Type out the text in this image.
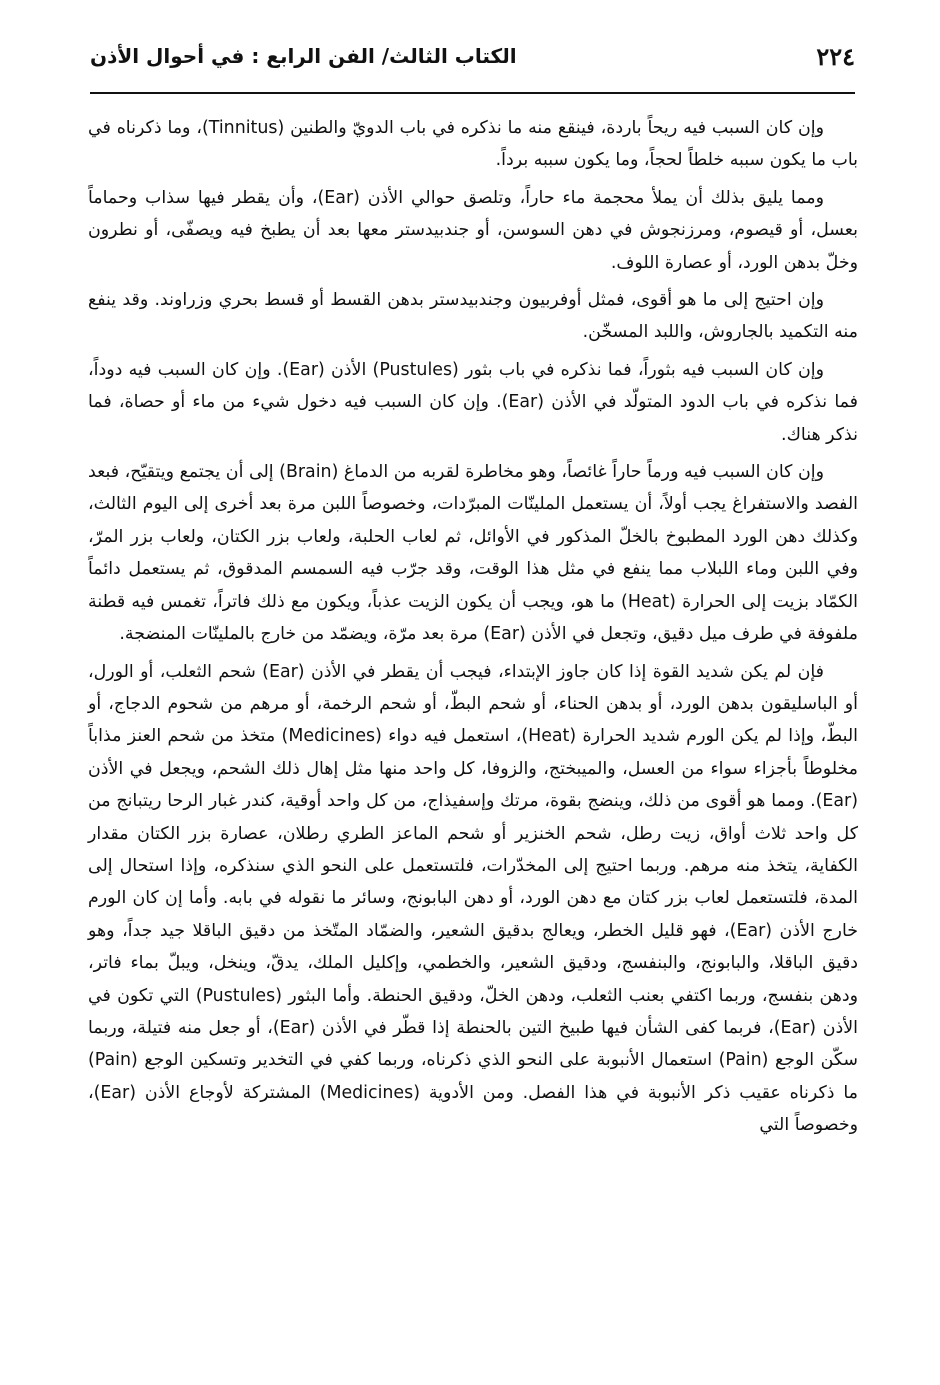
٢٢٤
الكتاب الثالث/ الفن الرابع : في أحوال الأذن

وإن كان السبب فيه ريحاً باردة، فينقع منه ما نذكره في باب الدويّ والطنين (Tinnitus)، وما ذكرناه في باب ما يكون سببه خلطاً لحجاً، وما يكون سببه برداً.

ومما يليق بذلك أن يملأ محجمة ماء حاراً، وتلصق حوالي الأذن (Ear)، وأن يقطر فيها سذاب وحماماً بعسل، أو قيصوم، ومرزنجوش في دهن السوسن، أو جندبيدستر معها بعد أن يطبخ فيه ويصفّى، أو نطرون وخلّ بدهن الورد، أو عصارة اللوف.

وإن احتيج إلى ما هو أقوى، فمثل أوفربيون وجندبيدستر بدهن القسط أو قسط بحري وزراوند. وقد ينفع منه التكميد بالجاروش، واللبد المسخّن.

وإن كان السبب فيه بثوراً، فما نذكره في باب بثور (Pustules) الأذن (Ear). وإن كان السبب فيه دوداً، فما نذكره في باب الدود المتولّد في الأذن (Ear). وإن كان السبب فيه دخول شيء من ماء أو حصاة، فما نذكر هناك.

وإن كان السبب فيه ورماً حاراً غائصاً، وهو مخاطرة لقربه من الدماغ (Brain) إلى أن يجتمع ويتقيّح، فبعد الفصد والاستفراغ يجب أولاً، أن يستعمل الملينّات المبرّدات، وخصوصاً اللبن مرة بعد أخرى إلى اليوم الثالث، وكذلك دهن الورد المطبوخ بالخلّ المذكور في الأوائل، ثم لعاب الحلبة، ولعاب بزر الكتان، ولعاب بزر المرّ، وفي اللبن وماء اللبلاب مما ينفع في مثل هذا الوقت، وقد جرّب فيه السمسم المدقوق، ثم يستعمل دائماً الكمّاد بزيت إلى الحرارة (Heat) ما هو، ويجب أن يكون الزيت عذباً، ويكون مع ذلك فاتراً، تغمس فيه قطنة ملفوفة في طرف ميل دقيق، وتجعل في الأذن (Ear) مرة بعد مرّة، ويضمّد من خارج بالملينّات المنضجة.

فإن لم يكن شديد القوة إذا كان جاوز الإبتداء، فيجب أن يقطر في الأذن (Ear) شحم الثعلب، أو الورل، أو الباسليقون بدهن الورد، أو بدهن الحناء، أو شحم البطّ، أو شحم الرخمة، أو مرهم من شحوم الدجاج، أو البطّ، وإذا لم يكن الورم شديد الحرارة (Heat)، استعمل فيه دواء (Medicines) متخذ من شحم العنز مذاباً مخلوطاً بأجزاء سواء من العسل، والميبختج، والزوفا، كل واحد منها مثل إهال ذلك الشحم، ويجعل في الأذن (Ear). ومما هو أقوى من ذلك، وينضج بقوة، مرتك وإسفيذاج، من كل واحد أوقية، كندر غبار الرحا ريتبانج من كل واحد ثلاث أواق، زيت رطل، شحم الخنزير أو شحم الماعز الطري رطلان، عصارة بزر الكتان مقدار الكفاية، يتخذ منه مرهم. وربما احتيج إلى المخدّرات، فلتستعمل على النحو الذي سنذكره، وإذا استحال إلى المدة، فلتستعمل لعاب بزر كتان مع دهن الورد، أو دهن البابونج، وسائر ما نقوله في بابه. وأما إن كان الورم خارج الأذن (Ear)، فهو قليل الخطر، ويعالج بدقيق الشعير، والضمّاد المتّخذ من دقيق الباقلا جيد جداً، وهو دقيق الباقلا، والبابونج، والبنفسج، ودقيق الشعير، والخطمي، وإكليل الملك، يدقّ، وينخل، ويبلّ بماء فاتر، ودهن بنفسج، وربما اكتفي بعنب الثعلب، ودهن الخلّ، ودقيق الحنطة. وأما البثور (Pustules) التي تكون في الأذن (Ear)، فربما كفى الشأن فيها طبيخ التين بالحنطة إذا قطّر في الأذن (Ear)، أو جعل منه فتيلة، وربما سكّن الوجع (Pain) استعمال الأنبوبة على النحو الذي ذكرناه، وربما كفي في التخدير وتسكين الوجع (Pain) ما ذكرناه عقيب ذكر الأنبوبة في هذا الفصل. ومن الأدوية (Medicines) المشتركة لأوجاع الأذن (Ear)، وخصوصاً التي
